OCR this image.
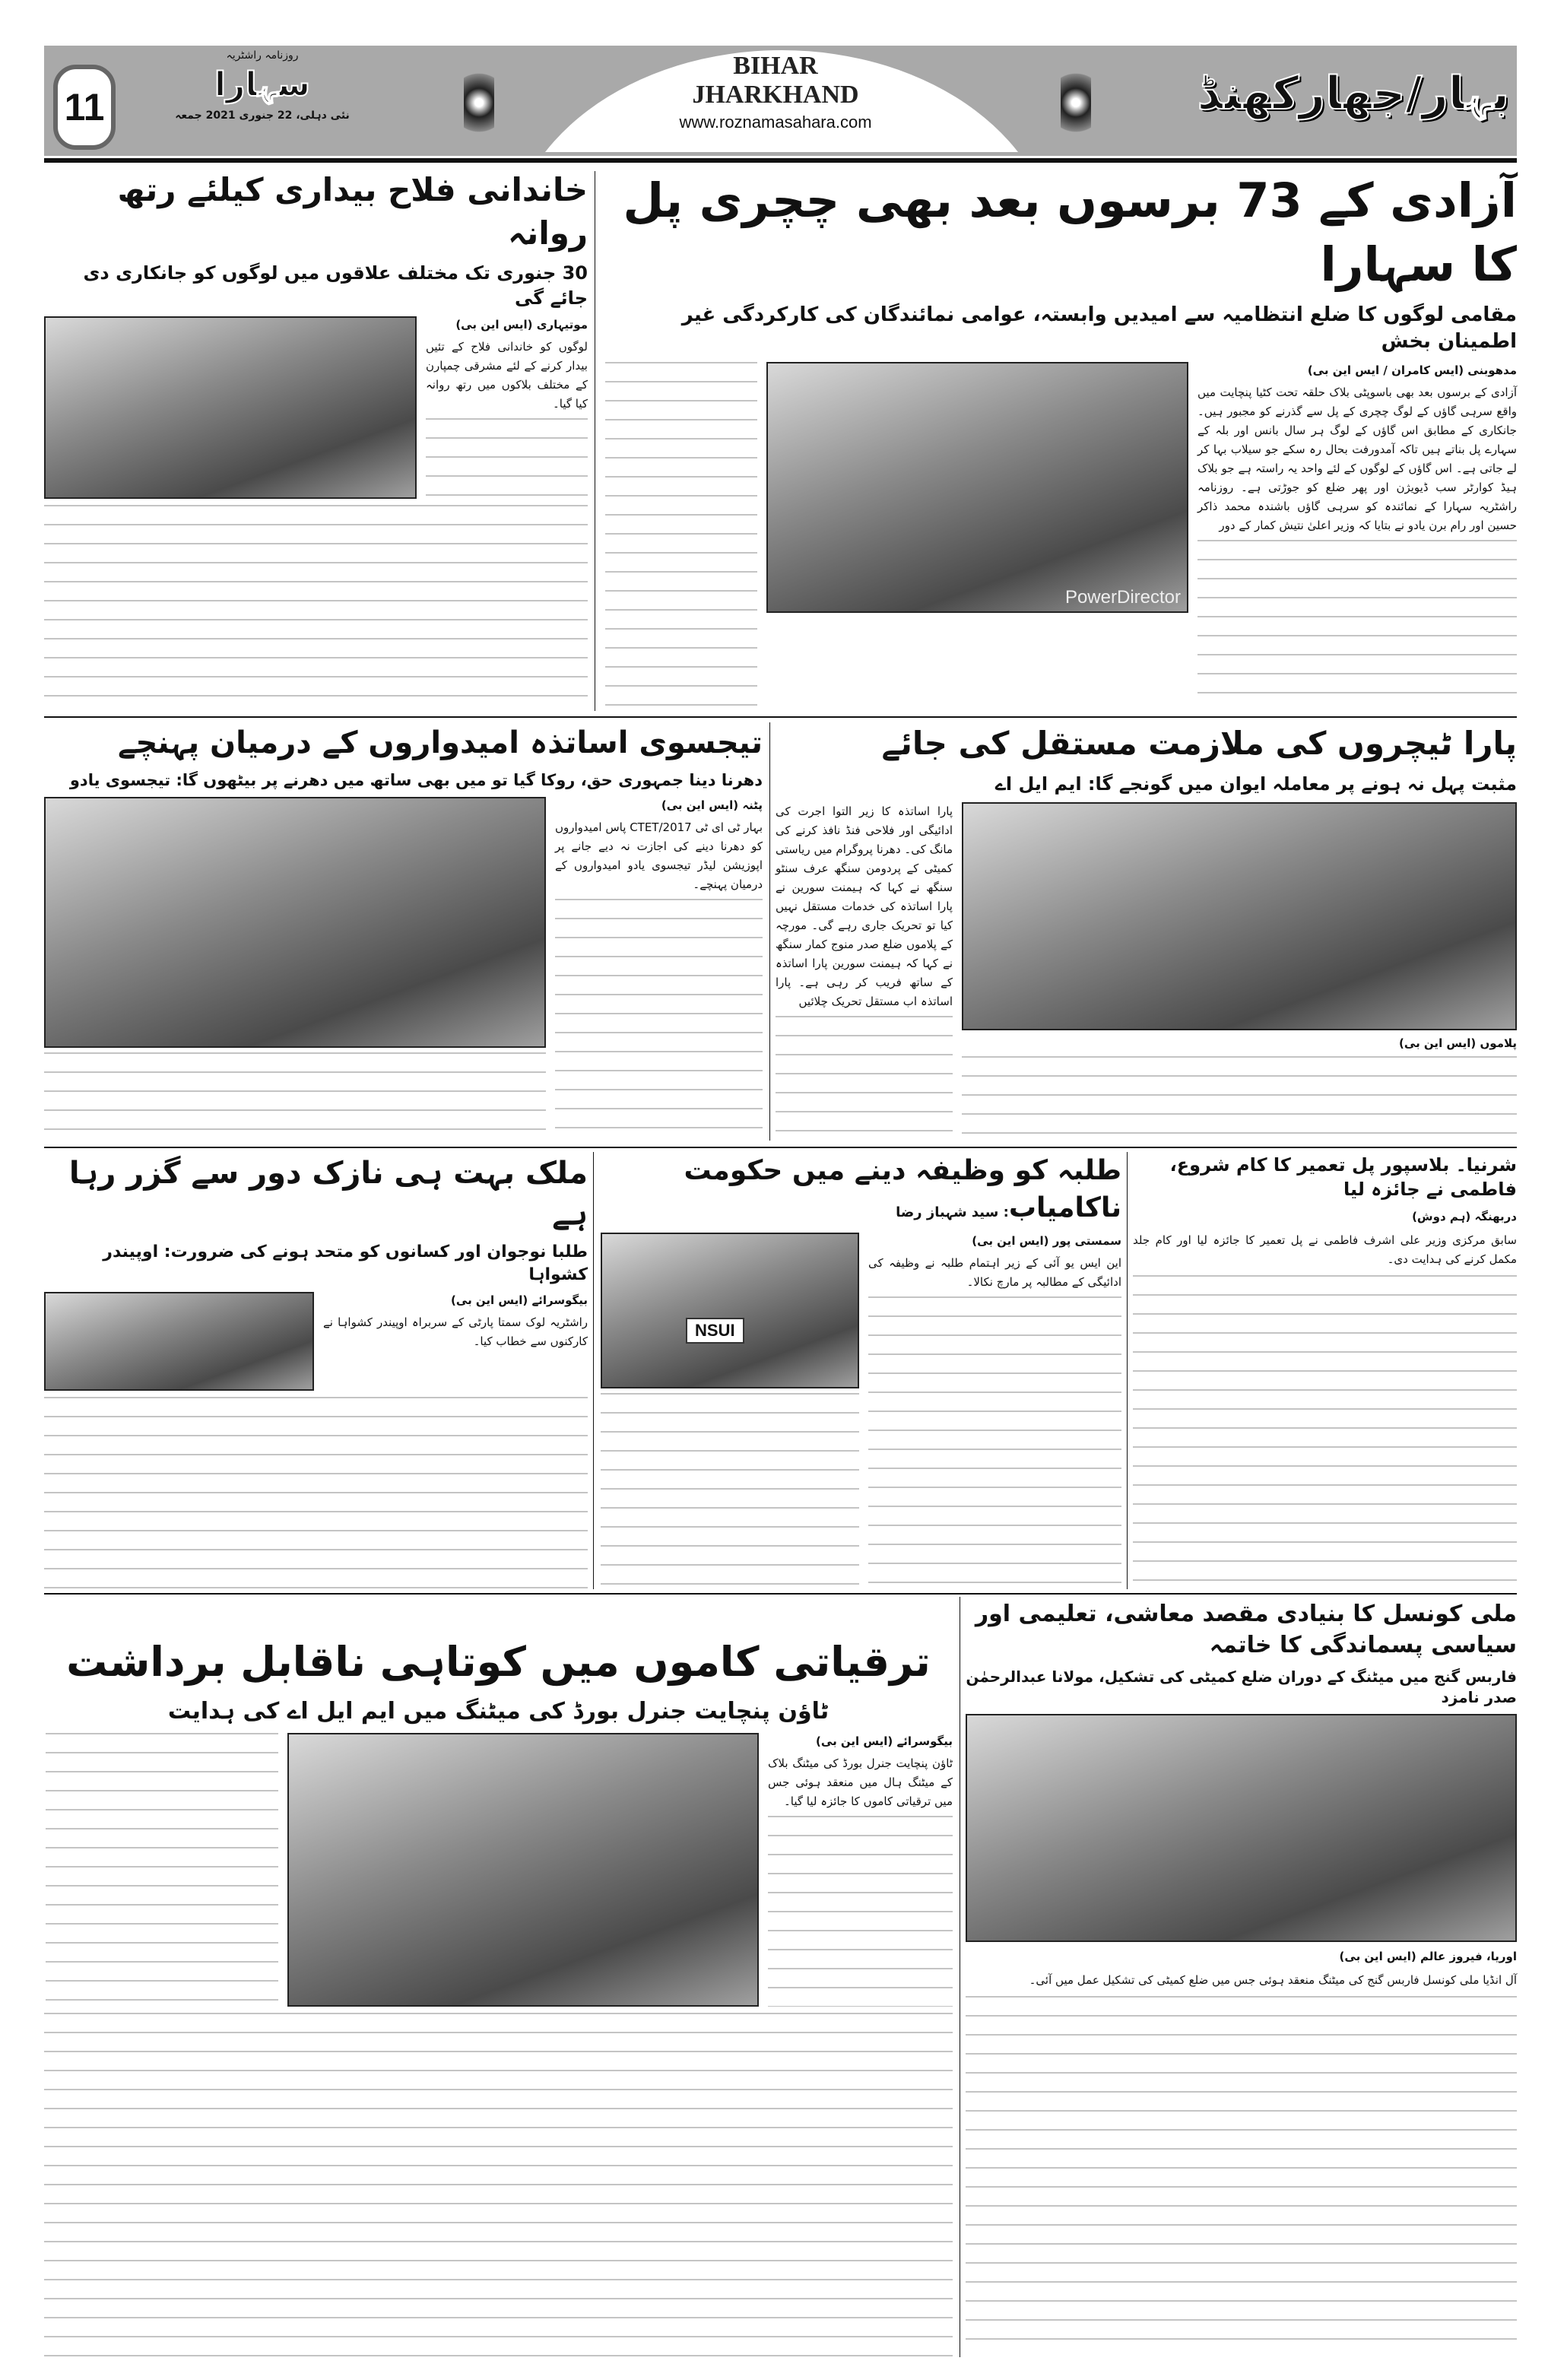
BIHAR
JHARKHAND
www.roznamasahara.com
11
روزنامہ راشٹریہ
سہارا
نئی دہلی، 22 جنوری 2021 جمعہ	بہار/جھارکھنڈ
آزادی کے 73 برسوں بعد بھی چچری پل کا سہارا
مقامی لوگوں کا ضلع انتظامیہ سے امیدیں وابستہ، عوامی نمائندگان کی کارکردگی غیر اطمینان بخش
مدھوبنی (ایس کامران / ایس این بی)

آزادی کے برسوں بعد بھی باسوپٹی بلاک حلقہ تحت کٹیا پنچایت میں واقع سرہی گاؤں کے لوگ چچری کے پل سے گذرنے کو مجبور ہیں۔ جانکاری کے مطابق اس گاؤں کے لوگ ہر سال بانس اور بلہ کے سہارے پل بناتے ہیں تاکہ آمدورفت بحال رہ سکے جو سیلاب بہا کر لے جاتی ہے۔ اس گاؤں کے لوگوں کے لئے واحد یہ راستہ ہے جو بلاک ہیڈ کوارٹر سب ڈیویژن اور پھر ضلع کو جوڑتی ہے۔ روزنامہ راشٹریہ سہارا کے نمائندہ کو سرہی گاؤں باشندہ محمد ذاکر حسین اور رام برن یادو نے بتایا کہ وزیر اعلیٰ نتیش کمار کے دور

PowerDirector
خاندانی فلاح بیداری کیلئے رتھ روانہ
30 جنوری تک مختلف علاقوں میں لوگوں کو جانکاری دی جائے گی
موتیہاری (ایس این بی)

لوگوں کو خاندانی فلاح کے تئیں بیدار کرنے کے لئے مشرقی چمپارن کے مختلف بلاکوں میں رتھ روانہ کیا گیا۔

پارا ٹیچروں کی ملازمت مستقل کی جائے
مثبت پہل نہ ہونے پر معاملہ ایوان میں گونجے گا: ایم ایل اے
پلاموں (ایس این بی)

پارا اساتذہ کا زیر التوا اجرت کی ادائیگی اور فلاحی فنڈ نافذ کرنے کی مانگ کی۔ دھرنا پروگرام میں ریاستی کمیٹی کے پردومن سنگھ عرف سنٹو سنگھ نے کہا کہ ہیمنت سورین نے پارا اساتذہ کی خدمات مستقل نہیں کیا تو تحریک جاری رہے گی۔ مورچہ کے پلاموں ضلع صدر منوج کمار سنگھ نے کہا کہ ہیمنت سورین پارا اساتذہ کے ساتھ فریب کر رہی ہے۔ پارا اساتذہ اب مستقل تحریک چلائیں

تیجسوی اساتذہ امیدواروں کے درمیان پہنچے
دھرنا دینا جمہوری حق، روکا گیا تو میں بھی ساتھ میں دھرنے پر بیٹھوں گا: تیجسوی یادو
پٹنہ (ایس این بی)

بہار ٹی ای ٹی 2017/CTET پاس امیدواروں کو دھرنا دینے کی اجازت نہ دیے جانے پر اپوزیشن لیڈر تیجسوی یادو امیدواروں کے درمیان پہنچے۔

شرنیا۔ بلاسپور پل تعمیر کا کام شروع، فاطمی نے جائزہ لیا
دربھنگہ (ہم دوش)

سابق مرکزی وزیر علی اشرف فاطمی نے پل تعمیر کا جائزہ لیا اور کام جلد مکمل کرنے کی ہدایت دی۔

طلبہ کو وظیفہ دینے میں حکومت ناکامیاب: سید شہباز رضا
سمستی پور (ایس این بی)

این ایس یو آئی کے زیر اہتمام طلبہ نے وظیفہ کی ادائیگی کے مطالبہ پر مارچ نکالا۔

NSUI
ملک بہت ہی نازک دور سے گزر رہا ہے
طلبا نوجوان اور کسانوں کو متحد ہونے کی ضرورت: اوپیندر کشواہا
بیگوسرائے (ایس این بی)

راشٹریہ لوک سمتا پارٹی کے سربراہ اوپیندر کشواہا نے کارکنوں سے خطاب کیا۔

ملی کونسل کا بنیادی مقصد معاشی، تعلیمی اور سیاسی پسماندگی کا خاتمہ
فاربس گنج میں میٹنگ کے دوران ضلع کمیٹی کی تشکیل، مولانا عبدالرحمٰن صدر نامزد
اوریا، فیروز عالم (ایس این بی)

آل انڈیا ملی کونسل فاربس گنج کی میٹنگ منعقد ہوئی جس میں ضلع کمیٹی کی تشکیل عمل میں آئی۔

ترقیاتی کاموں میں کوتاہی ناقابل برداشت
ٹاؤن پنچایت جنرل بورڈ کی میٹنگ میں ایم ایل اے کی ہدایت
بیگوسرائے (ایس این بی)

ٹاؤن پنچایت جنرل بورڈ کی میٹنگ بلاک کے میٹنگ ہال میں منعقد ہوئی جس میں ترقیاتی کاموں کا جائزہ لیا گیا۔
